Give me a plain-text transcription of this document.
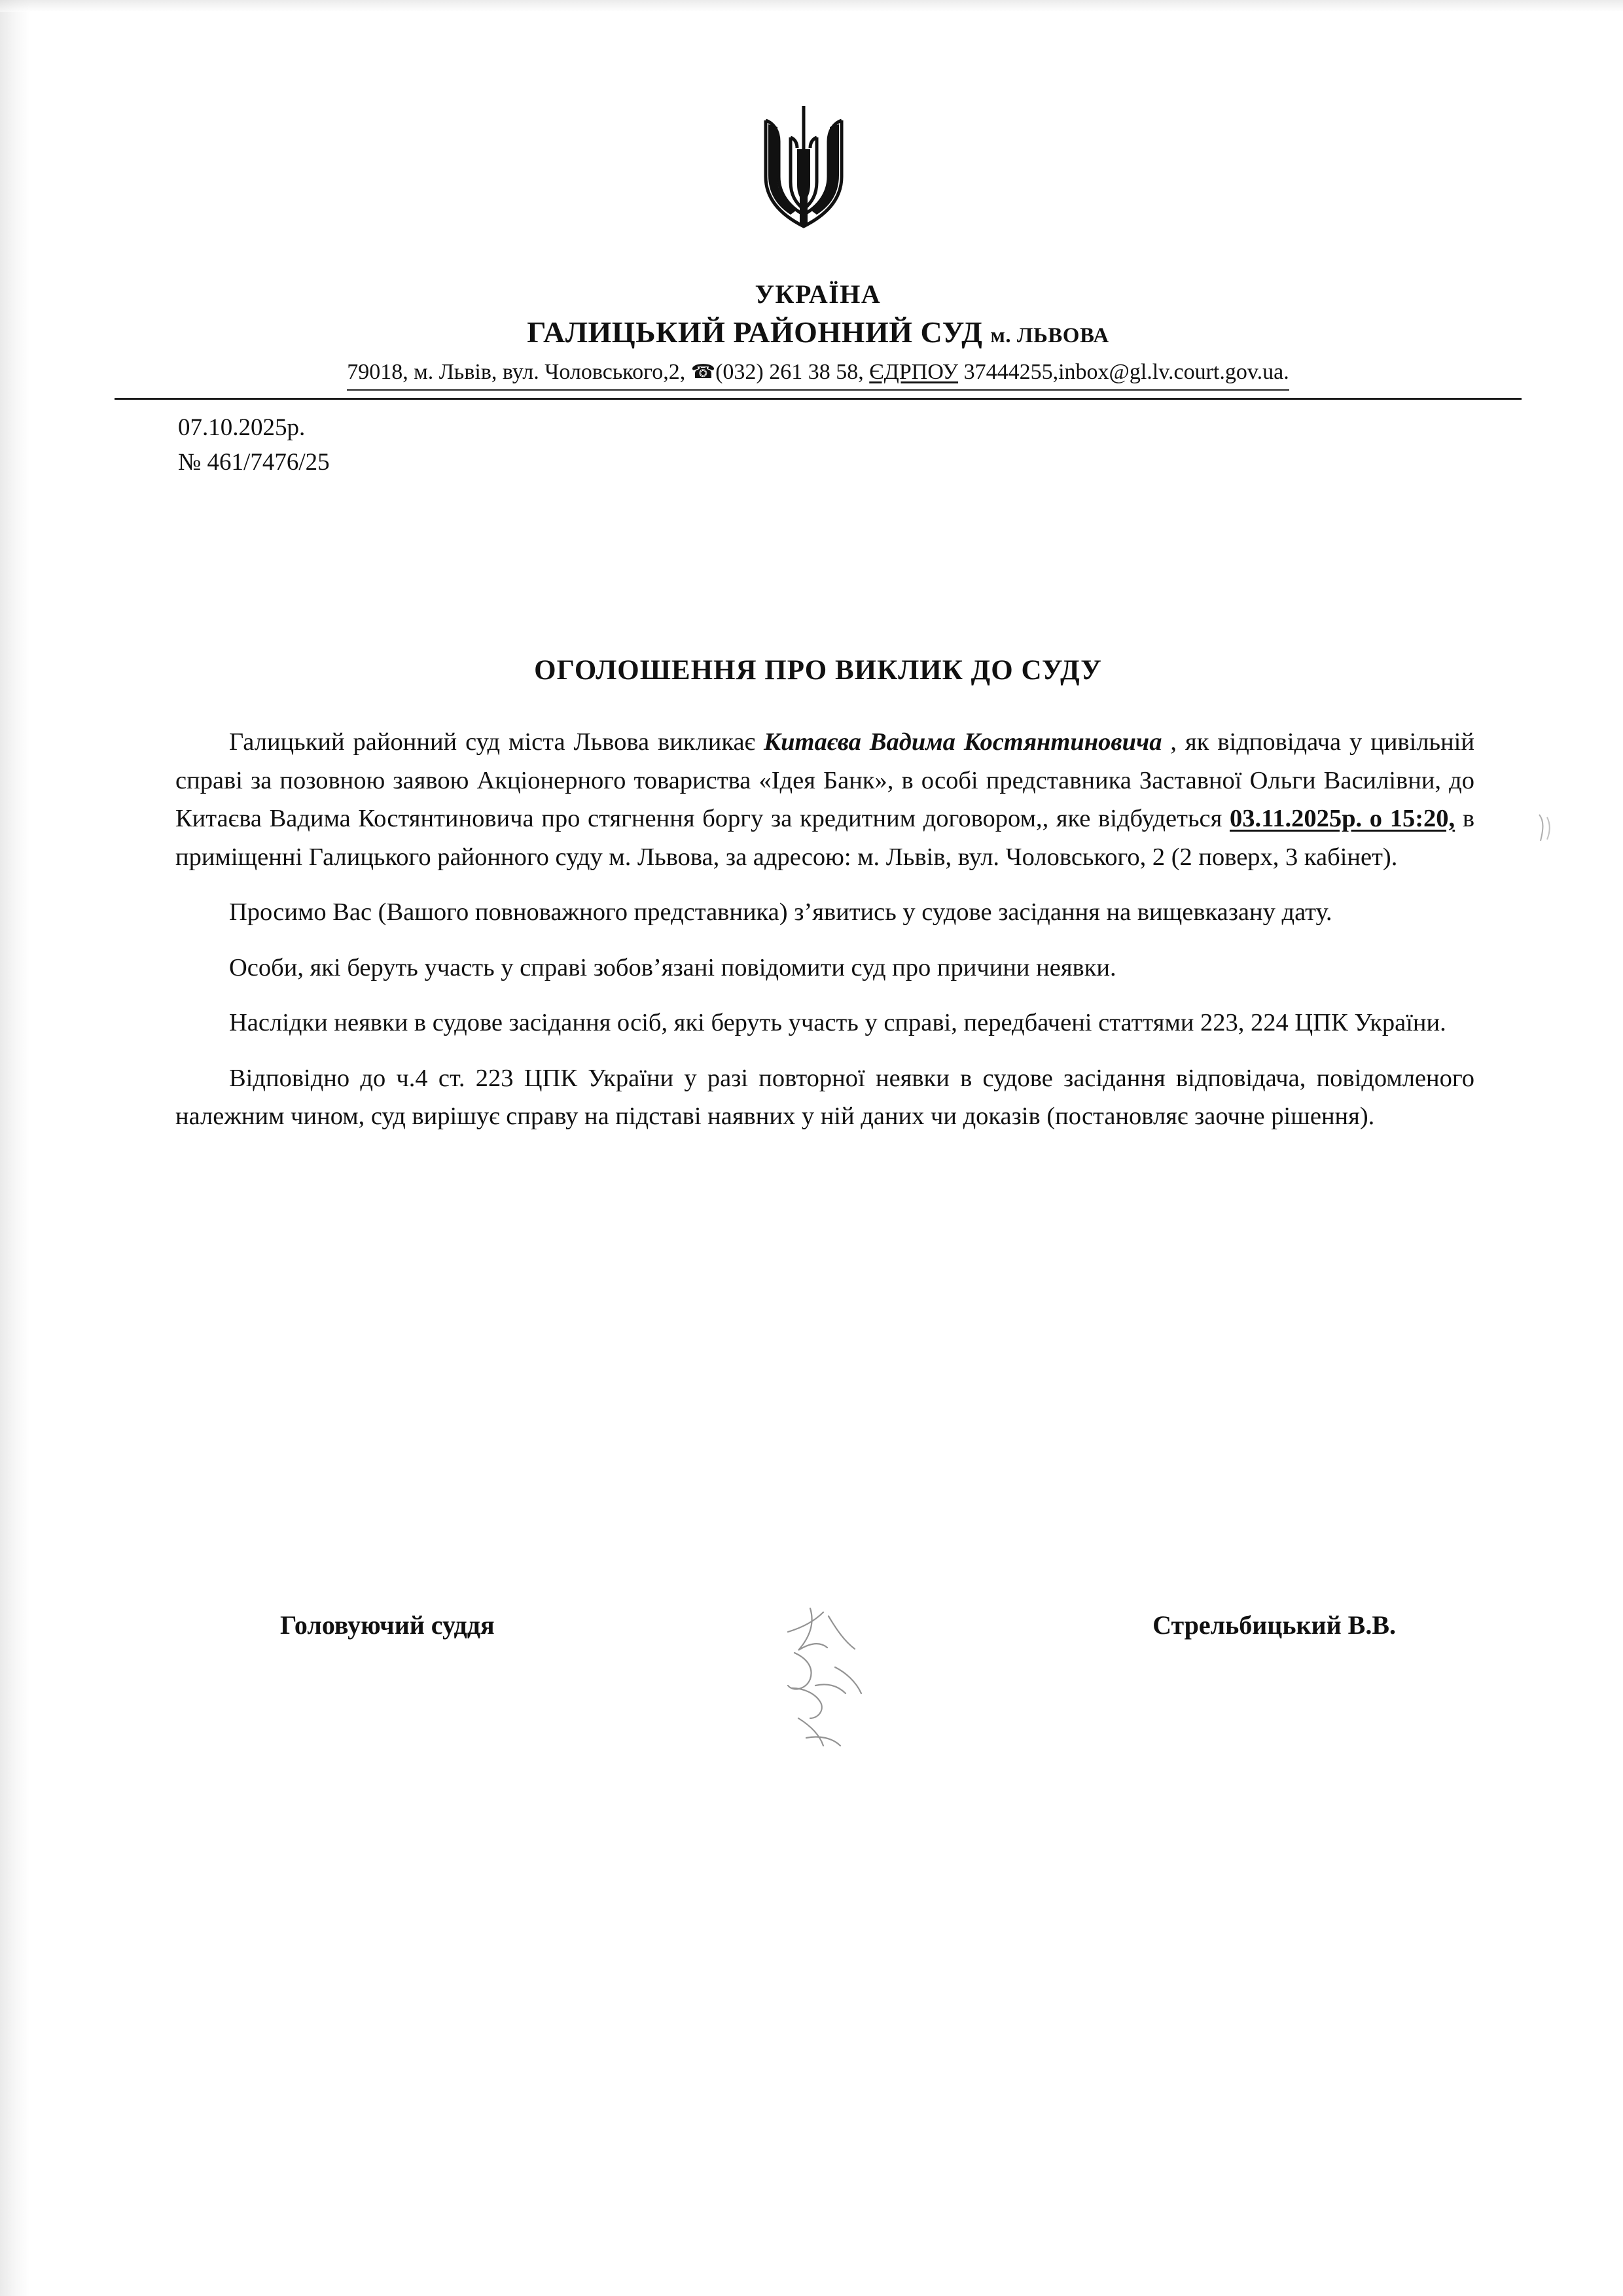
УКРАЇНА
ГАЛИЦЬКИЙ РАЙОННИЙ СУД м. ЛЬВОВА
79018, м. Львів, вул. Чоловського,2, ☎(032) 261 38 58, ЄДРПОУ 37444255,inbox@gl.lv.court.gov.ua.
07.10.2025р.
№ 461/7476/25
ОГОЛОШЕННЯ ПРО ВИКЛИК ДО СУДУ

Галицький районний суд міста Львова викликає Китаєва Вадима Костянтиновича , як відповідача у цивільній справі за позовною заявою Акціонерного товариства «Ідея Банк», в особі представника Заставної Ольги Василівни, до Китаєва Вадима Костянтиновича про стягнення боргу за кредитним договором,, яке відбудеться 03.11.2025р. о 15:20, в приміщенні Галицького районного суду м. Львова, за адресою: м. Львів, вул. Чоловського, 2 (2 поверх, 3 кабінет).

Просимо Вас (Вашого повноважного представника) з’явитись у судове засідання на вищевказану дату.

Особи, які беруть участь у справі зобов’язані повідомити суд про причини неявки.

Наслідки неявки в судове засідання осіб, які беруть участь у справі, передбачені статтями 223, 224 ЦПК України.

Відповідно до ч.4 ст. 223 ЦПК України у разі повторної неявки в судове засідання відповідача, повідомленого належним чином, суд вирішує справу на підставі наявних у ній даних чи доказів (постановляє заочне рішення).

Головуючий суддя	Стрельбицький В.В.
